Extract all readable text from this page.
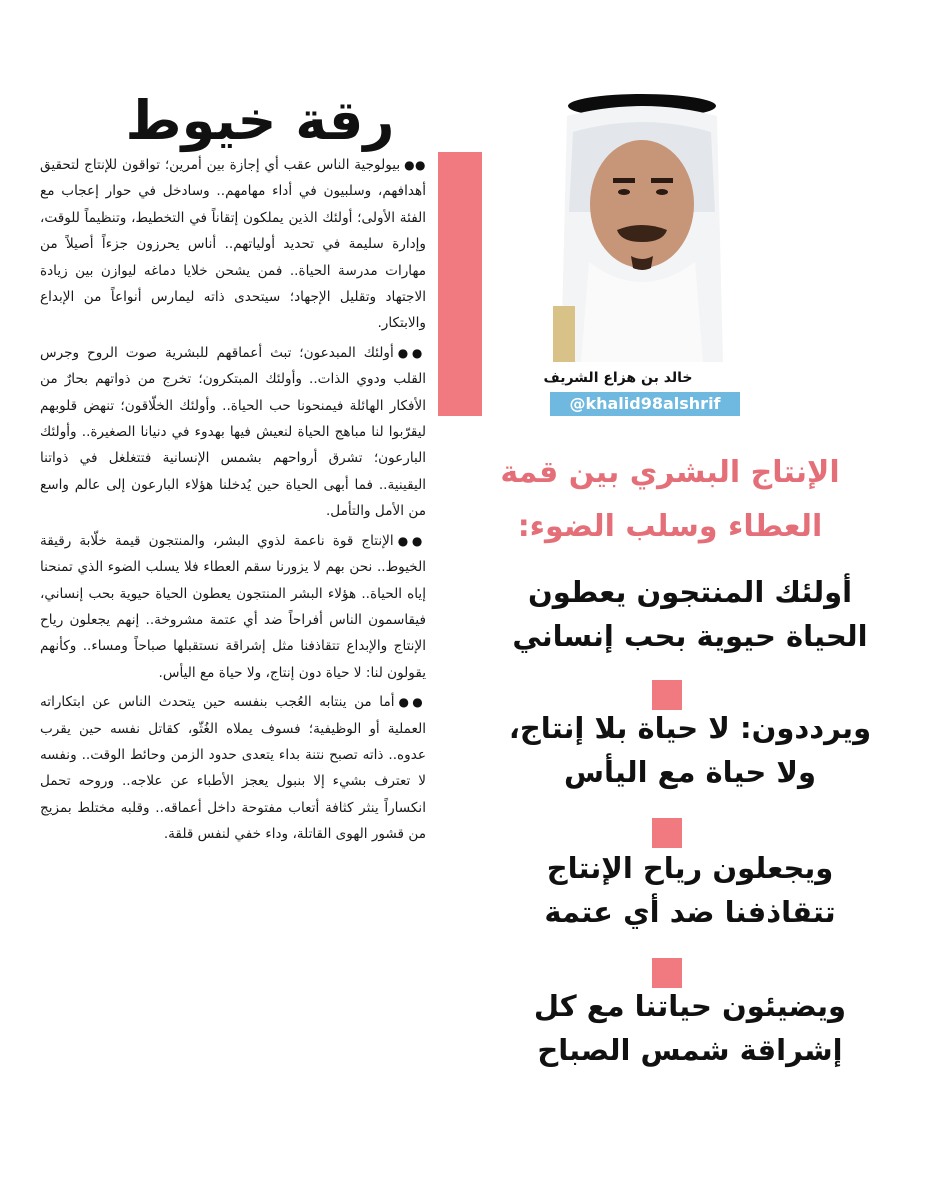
رقة خيوط

●●بيولوجية الناس عقب أي إجازة بين أمرين؛ تواقون للإنتاج لتحقيق أهدافهم، وسلبيون في أداء مهامهم.. وسادخل في حوار إعجاب مع الفئة الأولى؛ أولئك الذين يملكون إتقاناً في التخطيط، وتنظيماً للوقت، وإدارة سليمة في تحديد أولياتهم.. أناس يحرزون جزءاً أصيلاً من مهارات مدرسة الحياة.. فمن يشحن خلايا دماغه ليوازن بين زيادة الاجتهاد وتقليل الإجهاد؛ سيتحدى ذاته ليمارس أنواعاً من الإبداع والابتكار.

●●أولئك المبدعون؛ تبث أعماقهم للبشرية صوت الروح وجرس القلب ودوي الذات.. وأولئك المبتكرون؛ تخرج من ذواتهم بحارٌ من الأفكار الهائلة فيمنحونا حب الحياة.. وأولئك الخلّاقون؛ تنهض قلوبهم ليقرّبوا لنا مباهج الحياة لنعيش فيها بهدوء في دنيانا الصغيرة.. وأولئك البارعون؛ تشرق أرواحهم بشمس الإنسانية فتتغلغل في ذواتنا اليقينية.. فما أبهى الحياة حين يُدخلنا هؤلاء البارعون إلى عالم واسع من الأمل والتأمل.

●●الإنتاج قوة ناعمة لذوي البشر، والمنتجون قيمة خلّابة رقيقة الخيوط.. نحن بهم لا يزورنا سقم العطاء فلا يسلب الضوء الذي تمنحنا إياه الحياة.. هؤلاء البشر المنتجون يعطون الحياة حيوية بحب إنساني، فيقاسمون الناس أفراحاً ضد أي عتمة مشروخة.. إنهم يجعلون رياح الإنتاج والإبداع تتقاذفنا مثل إشراقة نستقبلها صباحاً ومساء.. وكأنهم يقولون لنا: لا حياة دون إنتاج، ولا حياة مع اليأس.

●●أما من ينتابه العُجب بنفسه حين يتحدث الناس عن ابتكاراته العملية أو الوظيفية؛ فسوف يملاه الغُثّو، كقاتل نفسه حين يقرب عدوه.. ذاته تصبح نتنة بداء يتعدى حدود الزمن وحائط الوقت.. ونفسه لا تعترف بشيء إلا بنبول يعجز الأطباء عن علاجه.. وروحه تحمل انكساراً ينثر كثافة أتعاب مفتوحة داخل أعماقه.. وقلبه مختلط بمزيج من قشور الهوى القاتلة، وداء خفي لنفس قلقة.

خالد بن هزاع الشريف
@khalid98alshrif
الإنتاج البشري بين قمة العطاء وسلب الضوء:
أولئك المنتجون يعطون الحياة حيوية بحب إنساني
ويرددون: لا حياة بلا إنتاج، ولا حياة مع اليأس
ويجعلون رياح الإنتاج تتقاذفنا ضد أي عتمة
ويضيئون حياتنا مع كل إشراقة شمس الصباح
